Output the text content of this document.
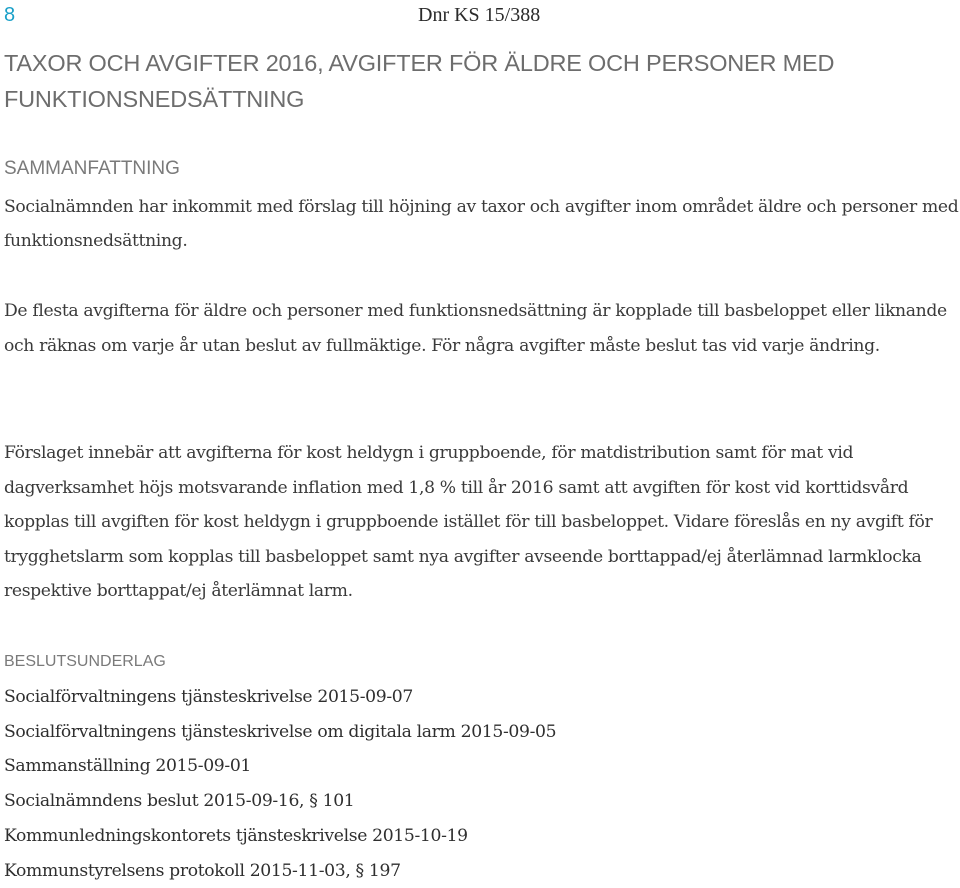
8	Dnr KS 15/388
TAXOR OCH AVGIFTER 2016, AVGIFTER FÖR ÄLDRE OCH PERSONER MED FUNKTIONSNEDSÄTTNING
SAMMANFATTNING

Socialnämnden har inkommit med förslag till höjning av taxor och avgifter inom området äldre och personer med funktionsnedsättning.

De flesta avgifterna för äldre och personer med funktionsnedsättning är kopplade till basbeloppet eller liknande och räknas om varje år utan beslut av fullmäktige. För några avgifter måste beslut tas vid varje ändring.

Förslaget innebär att avgifterna för kost heldygn i gruppboende, för matdistribution samt för mat vid dagverksamhet höjs motsvarande inflation med 1,8 % till år 2016 samt att avgiften för kost vid korttidsvård kopplas till avgiften för kost heldygn i gruppboende istället för till basbeloppet. Vidare föreslås en ny avgift för trygghetslarm som kopplas till basbeloppet samt nya avgifter avseende borttappad/ej återlämnad larmklocka respektive borttappat/ej återlämnat larm.

BESLUTSUNDERLAG
Socialförvaltningens tjänsteskrivelse 2015-09-07
Socialförvaltningens tjänsteskrivelse om digitala larm 2015-09-05
Sammanställning 2015-09-01
Socialnämndens beslut 2015-09-16, § 101
Kommunledningskontorets tjänsteskrivelse 2015-10-19
Kommunstyrelsens protokoll 2015-11-03, § 197
